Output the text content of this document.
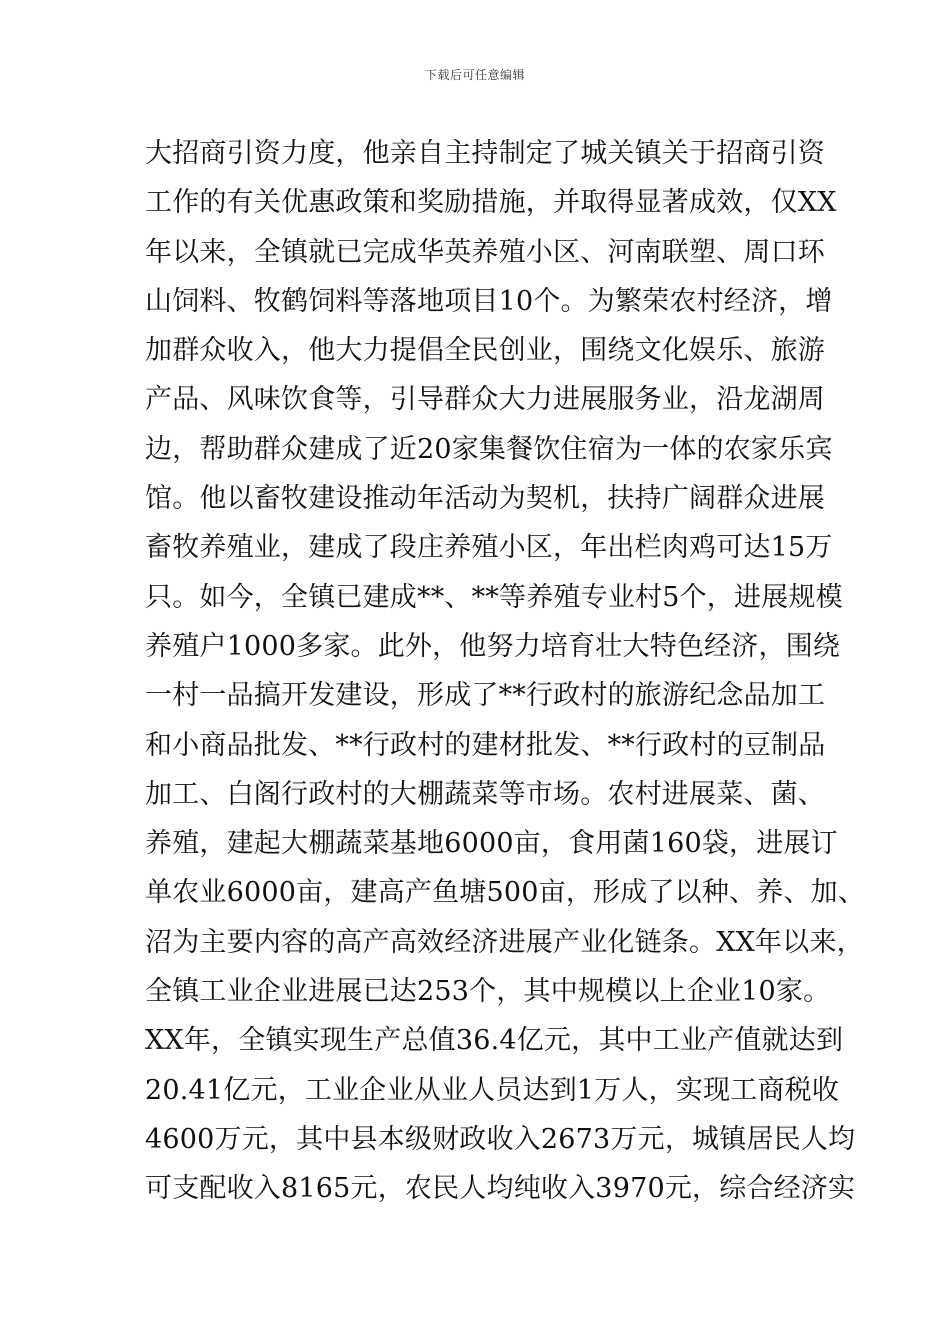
下载后可任意编辑
大招商引资力度，他亲自主持制定了城关镇关于招商引资
工作的有关优惠政策和奖励措施，并取得显著成效，仅XX
年以来，全镇就已完成华英养殖小区、河南联塑、周口环
山饲料、牧鹤饲料等落地项目10个。为繁荣农村经济，增
加群众收入，他大力提倡全民创业，围绕文化娱乐、旅游
产品、风味饮食等，引导群众大力进展服务业，沿龙湖周
边，帮助群众建成了近20家集餐饮住宿为一体的农家乐宾
馆。他以畜牧建设推动年活动为契机，扶持广阔群众进展
畜牧养殖业，建成了段庄养殖小区，年出栏肉鸡可达15万
只。如今，全镇已建成**、**等养殖专业村5个，进展规模
养殖户1000多家。此外，他努力培育壮大特色经济，围绕
一村一品搞开发建设，形成了**行政村的旅游纪念品加工
和小商品批发、**行政村的建材批发、**行政村的豆制品
加工、白阁行政村的大棚蔬菜等市场。农村进展菜、菌、
养殖，建起大棚蔬菜基地6000亩，食用菌160袋，进展订
单农业6000亩，建高产鱼塘500亩，形成了以种、养、加、
沼为主要内容的高产高效经济进展产业化链条。XX年以来，
全镇工业企业进展已达253个，其中规模以上企业10家。
XX年，全镇实现生产总值36.4亿元，其中工业产值就达到
20.41亿元，工业企业从业人员达到1万人，实现工商税收
4600万元，其中县本级财政收入2673万元，城镇居民人均
可支配收入8165元，农民人均纯收入3970元，综合经济实
